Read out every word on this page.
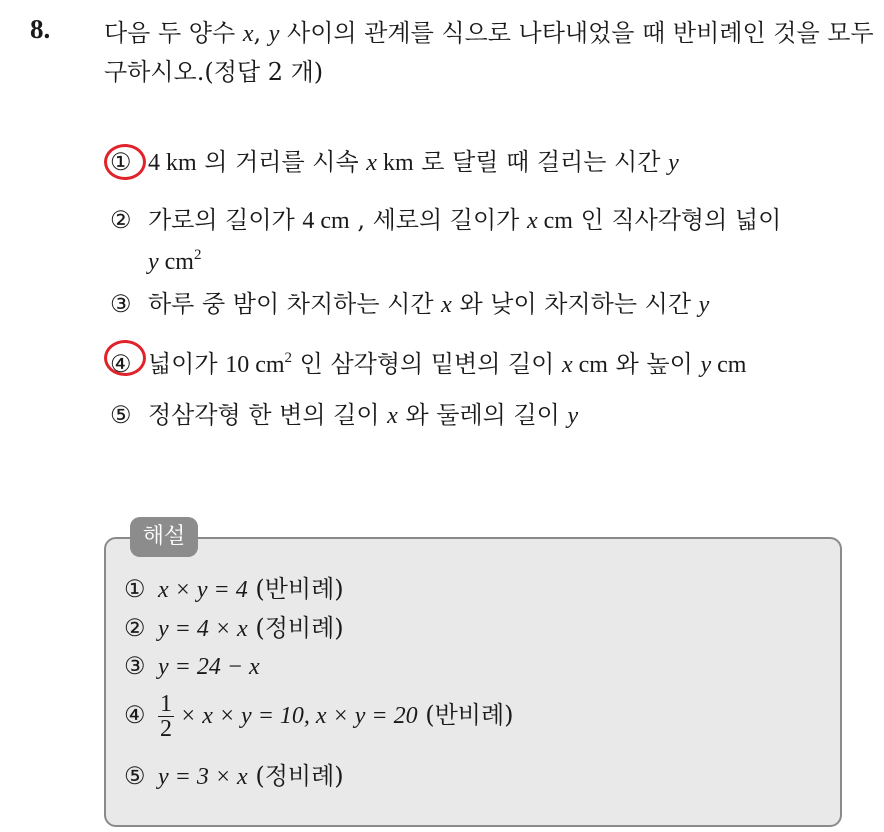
8. 다음 두 양수 x, y 사이의 관계를 식으로 나타내었을 때 반비례인 것을 모두 구하시오.(정답 2 개)
① 4 km 의 거리를 시속 x km 로 달릴 때 걸리는 시간 y
② 가로의 길이가 4 cm , 세로의 길이가 x cm 인 직사각형의 넓이
y $cm^2$
③ 하루 중 밤이 차지하는 시간 x 와 낮이 차지하는 시간 y
④ 넓이가 10 $cm^2$ 인 삼각형의 밑변의 길이 x cm 와 높이 y cm
⑤ 정삼각형 한 변의 길이 x 와 둘레의 길이 y
해설
① x × y = 4 (반비례)
② y = 4 × x (정비례)
③ y = 24 − x
④ $\frac{1}{2} \times x \times y = 10$, x × y = 20 (반비례)
⑤ y = 3 × x (정비례)
